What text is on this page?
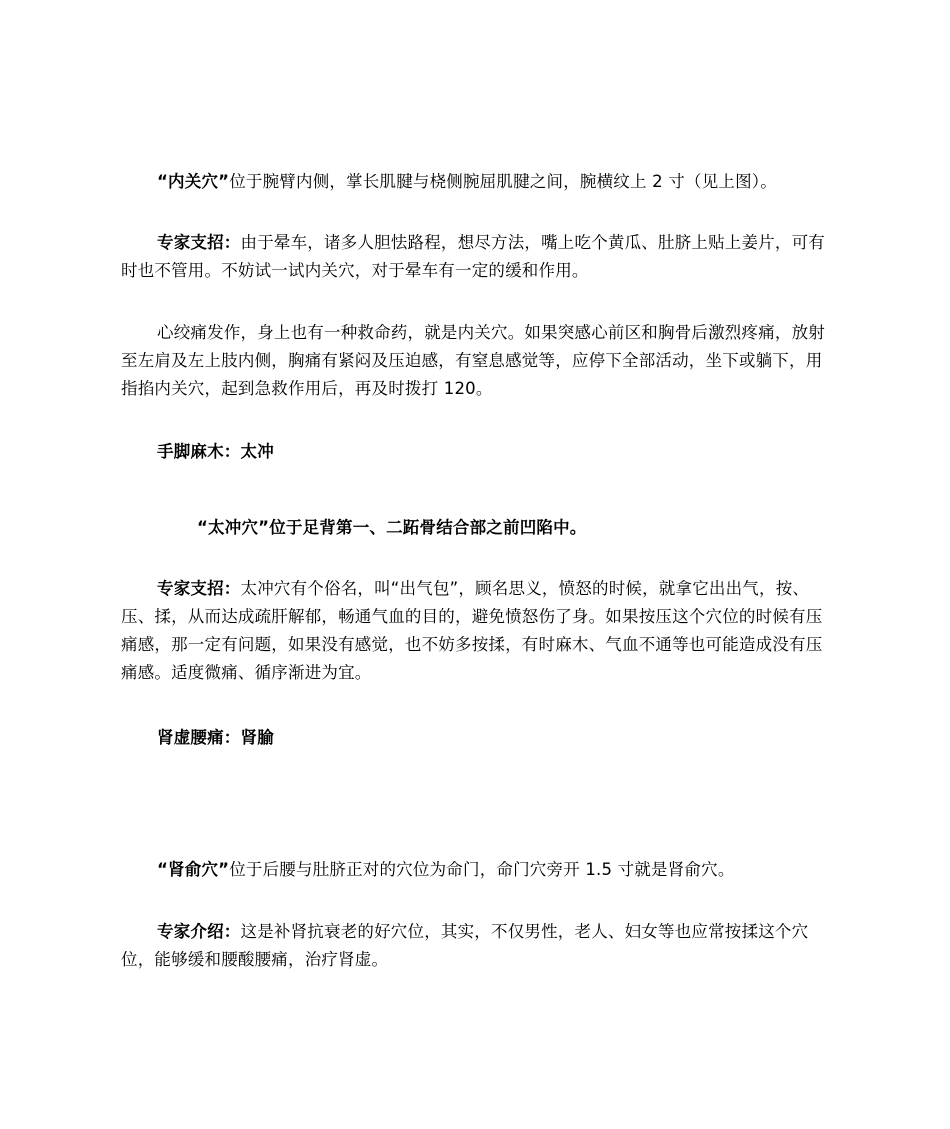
“内关穴”位于腕臂内侧，掌长肌腱与桡侧腕屈肌腱之间，腕横纹上 2 寸（见上图）。

专家支招：由于晕车，诸多人胆怯路程，想尽方法，嘴上吃个黄瓜、肚脐上贴上姜片，可有时也不管用。不妨试一试内关穴，对于晕车有一定的缓和作用。

心绞痛发作，身上也有一种救命药，就是内关穴。如果突感心前区和胸骨后激烈疼痛，放射至左肩及左上肢内侧，胸痛有紧闷及压迫感，有窒息感觉等，应停下全部活动，坐下或躺下，用指掐内关穴，起到急救作用后，再及时拨打 120。

手脚麻木：太冲

“太冲穴”位于足背第一、二跖骨结合部之前凹陷中。

专家支招：太冲穴有个俗名，叫“出气包”，顾名思义，愤怒的时候，就拿它出出气，按、压、揉，从而达成疏肝解郁，畅通气血的目的，避免愤怒伤了身。如果按压这个穴位的时候有压痛感，那一定有问题，如果没有感觉，也不妨多按揉，有时麻木、气血不通等也可能造成没有压痛感。适度微痛、循序渐进为宜。

肾虚腰痛：肾腧

“肾俞穴”位于后腰与肚脐正对的穴位为命门，命门穴旁开 1.5 寸就是肾俞穴。

专家介绍：这是补肾抗衰老的好穴位，其实，不仅男性，老人、妇女等也应常按揉这个穴位，能够缓和腰酸腰痛，治疗肾虚。
